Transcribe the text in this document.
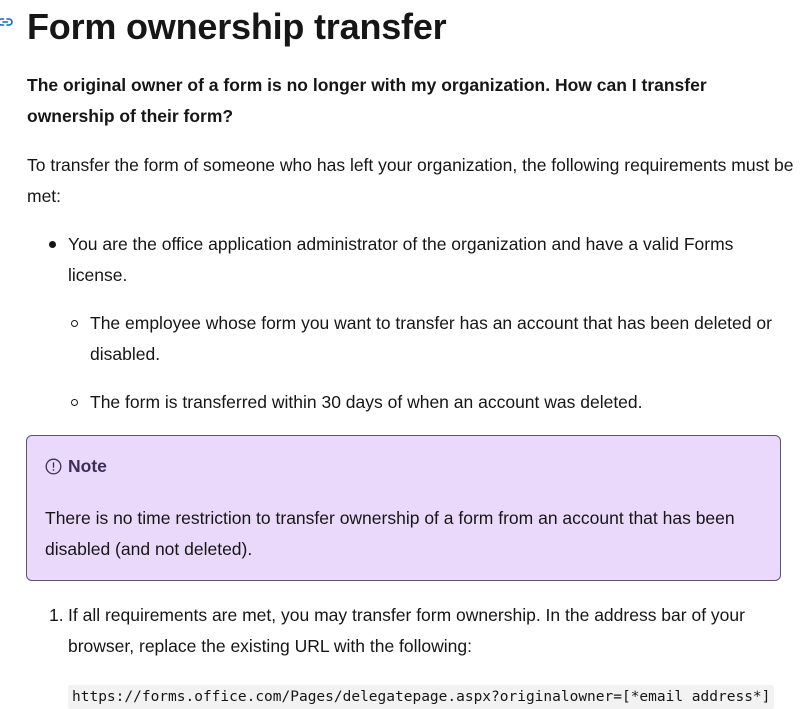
Form ownership transfer

The original owner of a form is no longer with my organization. How can I transfer ownership of their form?

To transfer the form of someone who has left your organization, the following requirements must be met:

You are the office application administrator of the organization and have a valid Forms license.
The employee whose form you want to transfer has an account that has been deleted or disabled.
The form is transferred within 30 days of when an account was deleted.
Note

There is no time restriction to transfer ownership of a form from an account that has been disabled (and not deleted).

1. If all requirements are met, you may transfer form ownership. In the address bar of your browser, replace the existing URL with the following:

https://forms.office.com/Pages/delegatepage.aspx?originalowner=[*email address*]
